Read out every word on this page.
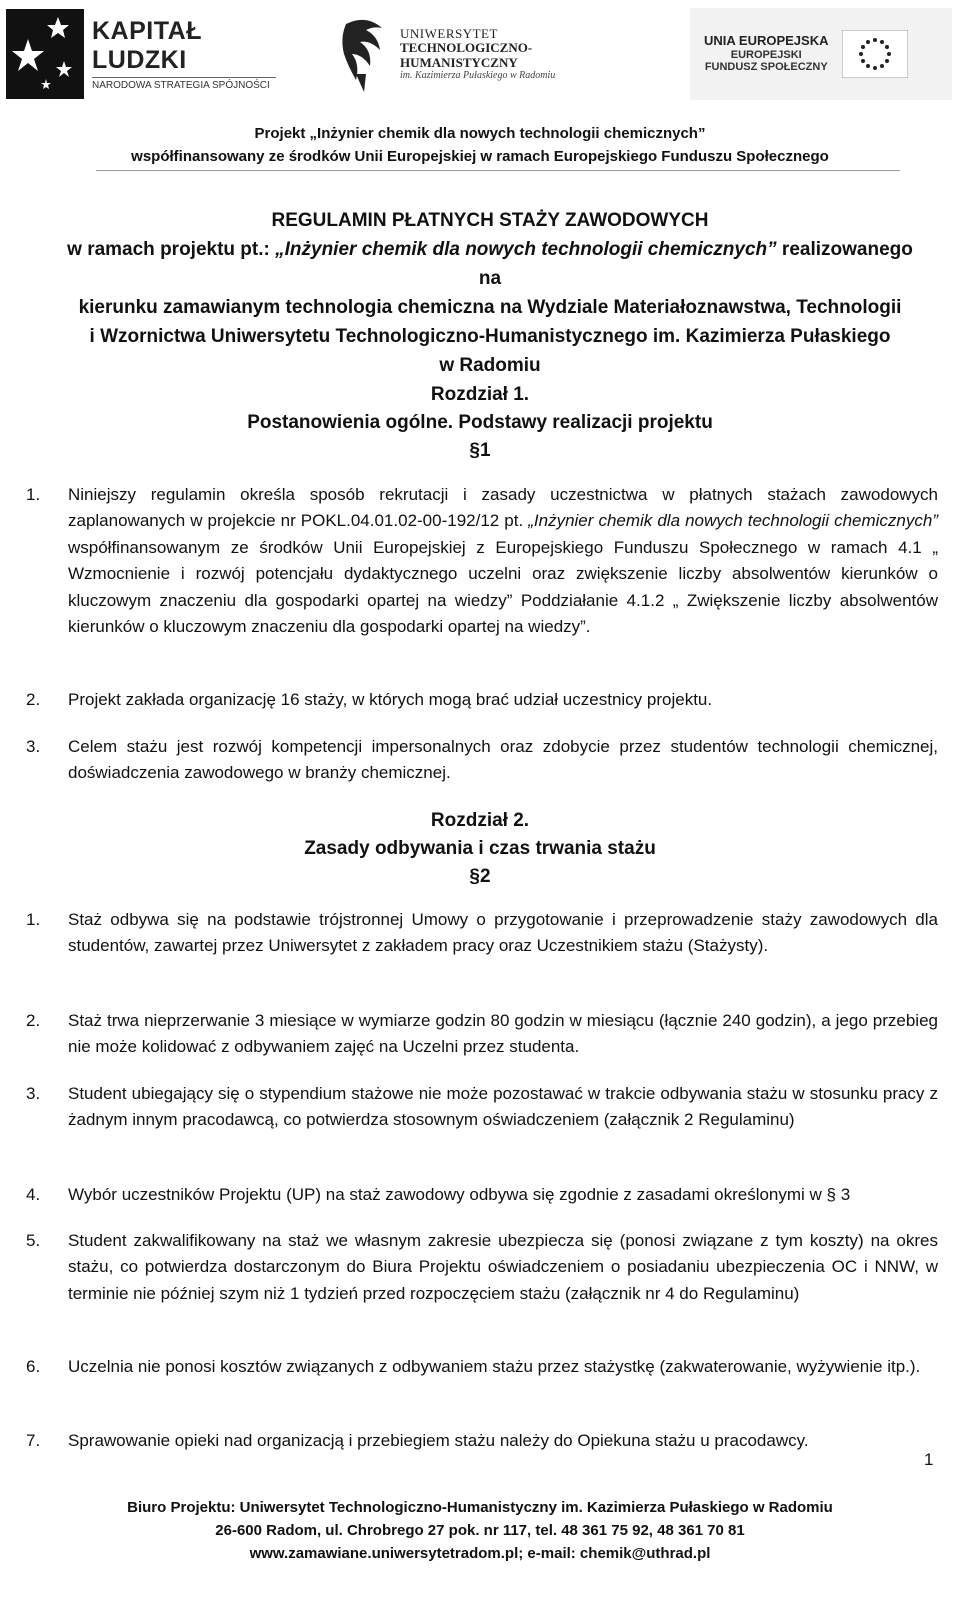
KAPITAŁ LUDZKI
NARODOWA STRATEGIA SPÓJNOŚCI
UNIWERSYTET
TECHNOLOGICZNO-HUMANISTYCZNY
im. Kazimierza Pułaskiego w Radomiu
UNIA EUROPEJSKA
EUROPEJSKI
FUNDUSZ SPOŁECZNY
Projekt „Inżynier chemik dla nowych technologii chemicznych”
współfinansowany ze środków Unii Europejskiej w ramach Europejskiego Funduszu Społecznego
REGULAMIN PŁATNYCH STAŻY ZAWODOWYCH
w ramach projektu pt.: „Inżynier chemik dla nowych technologii chemicznych” realizowanego na
kierunku zamawianym technologia chemiczna na Wydziale Materiałoznawstwa, Technologii
i Wzornictwa Uniwersytetu Technologiczno-Humanistycznego im. Kazimierza Pułaskiego
w Radomiu
Rozdział 1.
Postanowienia ogólne. Podstawy realizacji projektu
§1
1.	Niniejszy regulamin określa sposób rekrutacji i zasady uczestnictwa w płatnych stażach zawodowych zaplanowanych w projekcie nr POKL.04.01.02-00-192/12 pt. „Inżynier chemik dla nowych technologii chemicznych” współfinansowanym ze środków Unii Europejskiej z Europejskiego Funduszu Społecznego w ramach 4.1 „ Wzmocnienie i rozwój potencjału dydaktycznego uczelni oraz zwiększenie liczby absolwentów kierunków o kluczowym znaczeniu dla gospodarki opartej na wiedzy” Poddziałanie 4.1.2 „ Zwiększenie liczby absolwentów kierunków o kluczowym znaczeniu dla gospodarki opartej na wiedzy”.
2.	Projekt zakłada organizację 16 staży, w których mogą brać udział uczestnicy projektu.
3.	Celem stażu jest rozwój kompetencji impersonalnych oraz zdobycie przez studentów technologii chemicznej, doświadczenia zawodowego w branży chemicznej.
Rozdział 2.
Zasady odbywania i czas trwania stażu
§2
1.	Staż odbywa się na podstawie trójstronnej Umowy o przygotowanie i przeprowadzenie staży zawodowych dla studentów, zawartej przez Uniwersytet z zakładem pracy oraz Uczestnikiem stażu (Stażysty).
2.	Staż trwa nieprzerwanie 3 miesiące w wymiarze godzin 80 godzin w miesiącu (łącznie 240 godzin), a jego przebieg nie może kolidować z odbywaniem zajęć na Uczelni przez studenta.
3.	Student ubiegający się o stypendium stażowe nie może pozostawać w trakcie odbywania stażu w stosunku pracy z żadnym innym pracodawcą, co potwierdza stosownym oświadczeniem (załącznik 2 Regulaminu)
4.	Wybór uczestników Projektu (UP) na staż zawodowy odbywa się zgodnie z zasadami określonymi w § 3
5.	Student zakwalifikowany na staż we własnym zakresie ubezpiecza się (ponosi związane z tym koszty) na okres stażu, co potwierdza dostarczonym do Biura Projektu oświadczeniem o posiadaniu ubezpieczenia OC i NNW, w terminie nie później szym niż 1 tydzień przed rozpoczęciem stażu (załącznik nr 4 do Regulaminu)
6.	Uczelnia nie ponosi kosztów związanych z odbywaniem stażu przez stażystkę (zakwaterowanie, wyżywienie itp.).
7.	Sprawowanie opieki nad organizacją i przebiegiem stażu należy do Opiekuna stażu u pracodawcy.
1
Biuro Projektu: Uniwersytet Technologiczno-Humanistyczny im. Kazimierza Pułaskiego w Radomiu
26-600 Radom, ul. Chrobrego 27 pok. nr 117, tel. 48 361 75 92, 48 361 70 81
www.zamawiane.uniwersytetradom.pl; e-mail: chemik@uthrad.pl
